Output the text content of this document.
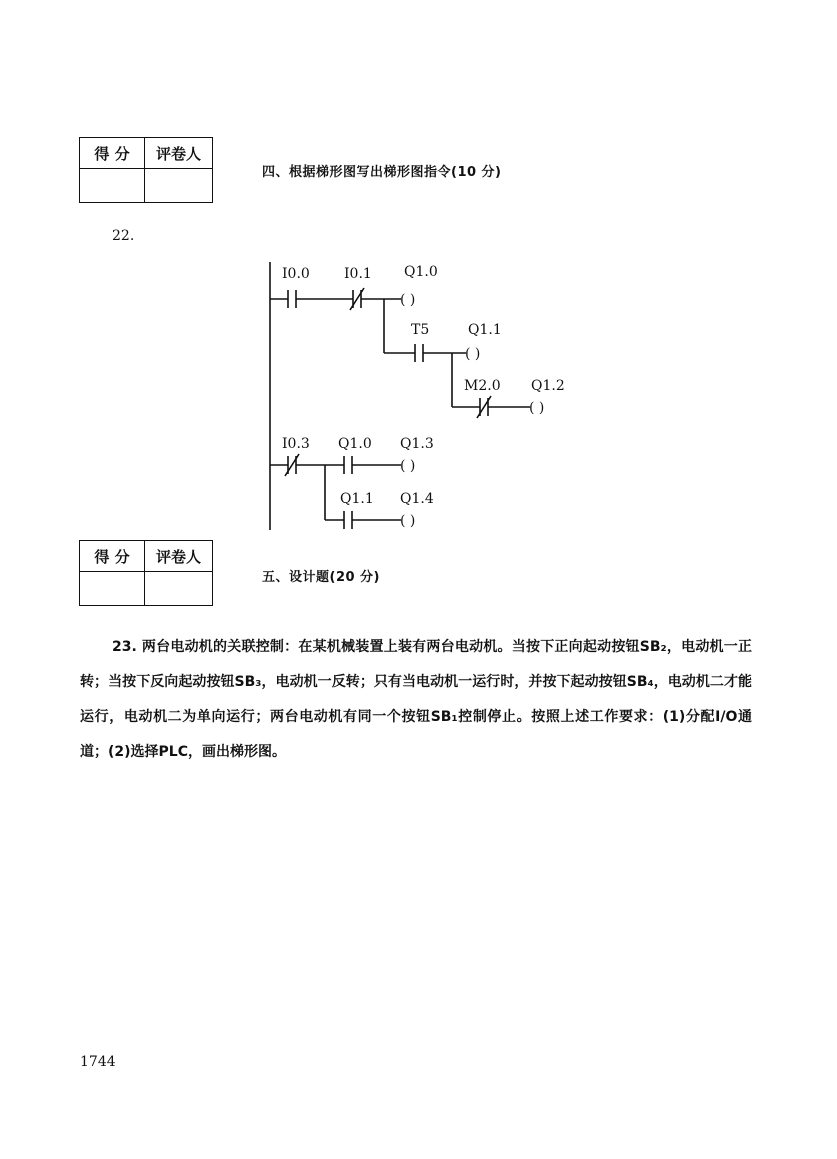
得 分	评卷人

四、根据梯形图写出梯形图指令(10 分)
22.
I0.0 I0.1
T5
M2.0
I0.3 Q1.0
Q1.1
Q1.0
Q1.1
Q1.2
Q1.3
Q1.4
( )
( )
( )
( )
( )
得 分	评卷人

五、设计题(20 分)

23. 两台电动机的关联控制：在某机械装置上装有两台电动机。当按下正向起动按钮SB₂，电动机一正转；当按下反向起动按钮SB₃，电动机一反转；只有当电动机一运行时，并按下起动按钮SB₄，电动机二才能运行，电动机二为单向运行；两台电动机有同一个按钮SB₁控制停止。按照上述工作要求：(1)分配I/O通道；(2)选择PLC，画出梯形图。

1744
